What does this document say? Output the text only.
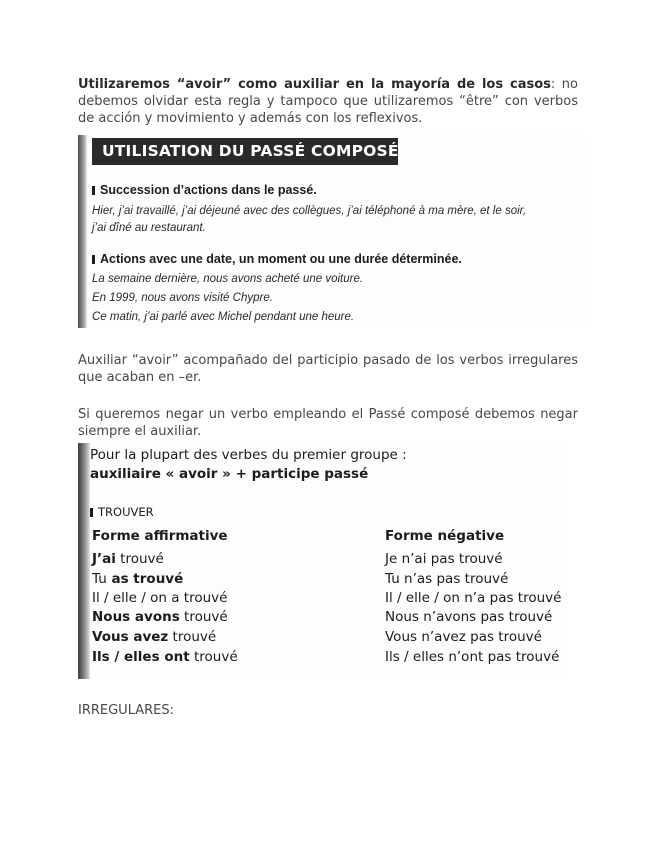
Utilizaremos “avoir” como auxiliar en la mayoría de los casos: no debemos olvidar esta regla y tampoco que utilizaremos “être” con verbos de acción y movimiento y además con los reflexivos.
UTILISATION DU PASSÉ COMPOSÉ
Succession d’actions dans le passé.
Hier, j’ai travaillé, j’ai déjeuné avec des collègues, j’ai téléphoné à ma mère, et le soir,
j’ai dîné au restaurant.
Actions avec une date, un moment ou une durée déterminée.
La semaine dernière, nous avons acheté une voiture.
En 1999, nous avons visité Chypre.
Ce matin, j’ai parlé avec Michel pendant une heure.
Auxiliar “avoir” acompañado del participio pasado de los verbos irregulares que acaban en –er.
Si queremos negar un verbo empleando el Passé composé debemos negar siempre el auxiliar.
Pour la plupart des verbes du premier groupe :
auxiliaire « avoir » + participe passé
TROUVER
Forme affirmative	Forme négative
J’ai trouvé
Tu as trouvé
Il / elle / on a trouvé
Nous avons trouvé
Vous avez trouvé
Ils / elles ont trouvé
Je n’ai pas trouvé
Tu n’as pas trouvé
Il / elle / on n’a pas trouvé
Nous n’avons pas trouvé
Vous n’avez pas trouvé
Ils / elles n’ont pas trouvé
IRREGULARES:
